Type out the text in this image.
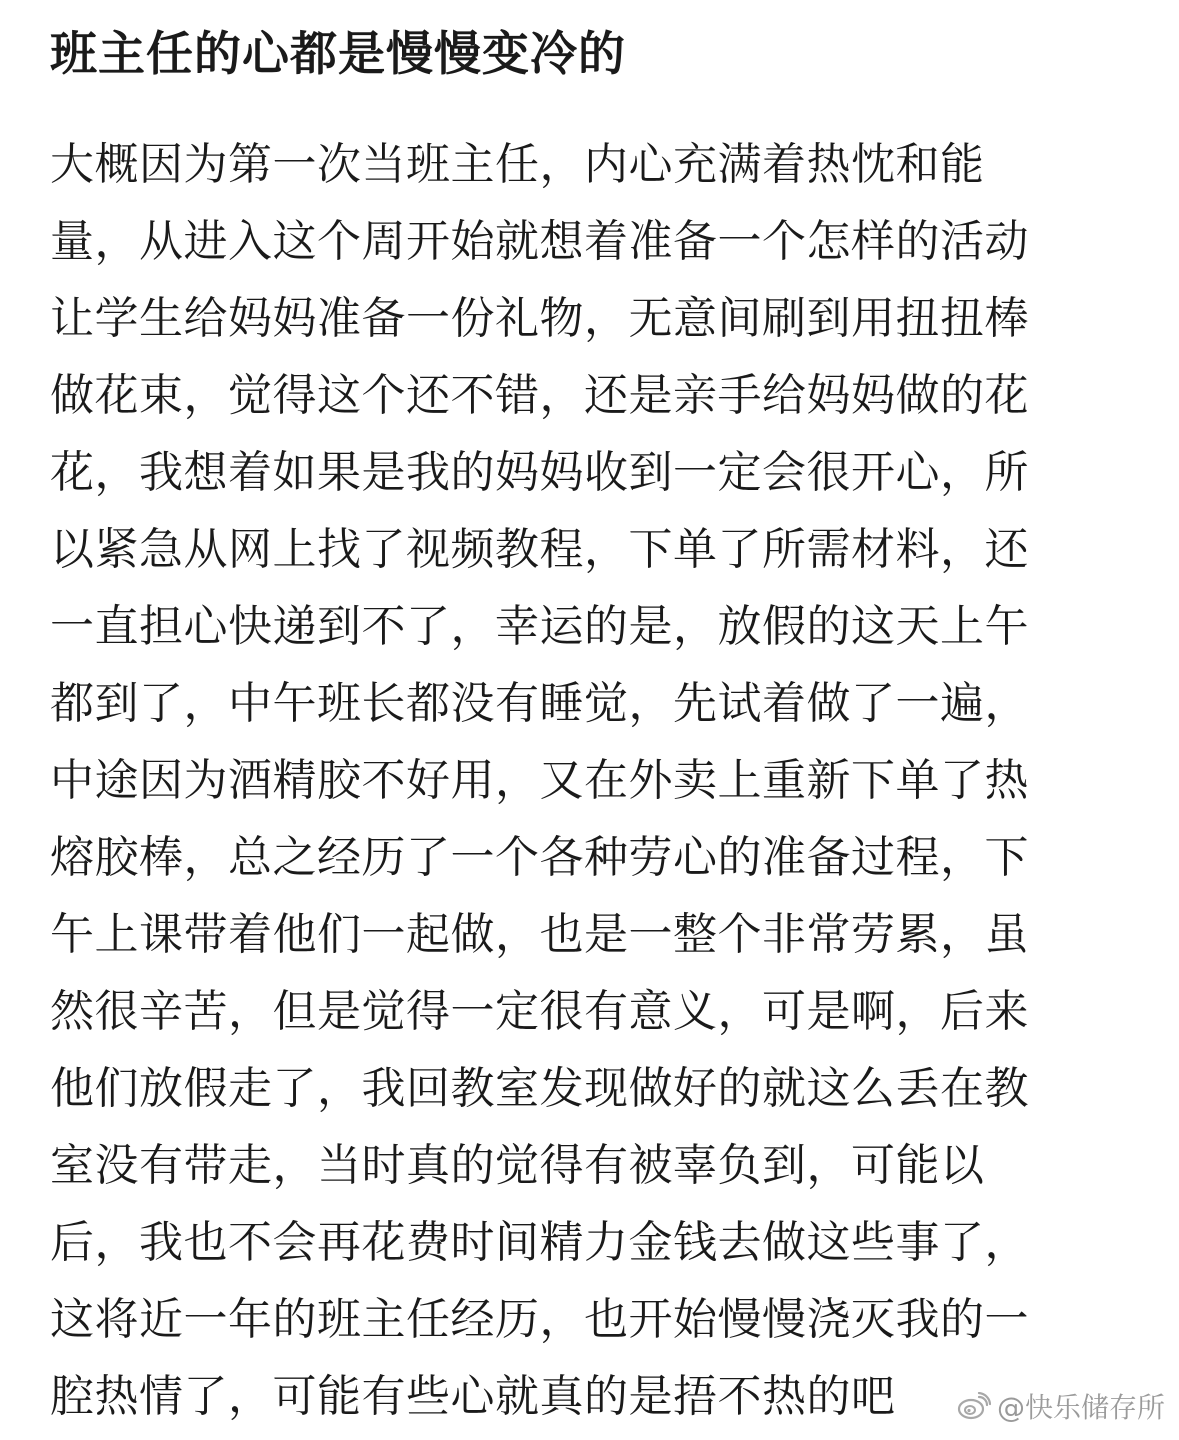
班主任的心都是慢慢变冷的
大概因为第一次当班主任，内心充满着热忱和能
量，从进入这个周开始就想着准备一个怎样的活动
让学生给妈妈准备一份礼物，无意间刷到用扭扭棒
做花束，觉得这个还不错，还是亲手给妈妈做的花
花，我想着如果是我的妈妈收到一定会很开心，所
以紧急从网上找了视频教程，下单了所需材料，还
一直担心快递到不了，幸运的是，放假的这天上午
都到了，中午班长都没有睡觉，先试着做了一遍，
中途因为酒精胶不好用，又在外卖上重新下单了热
熔胶棒，总之经历了一个各种劳心的准备过程，下
午上课带着他们一起做，也是一整个非常劳累，虽
然很辛苦，但是觉得一定很有意义，可是啊，后来
他们放假走了，我回教室发现做好的就这么丢在教
室没有带走，当时真的觉得有被辜负到，可能以
后，我也不会再花费时间精力金钱去做这些事了，
这将近一年的班主任经历，也开始慢慢浇灭我的一
腔热情了，可能有些心就真的是捂不热的吧	@快乐储存所
